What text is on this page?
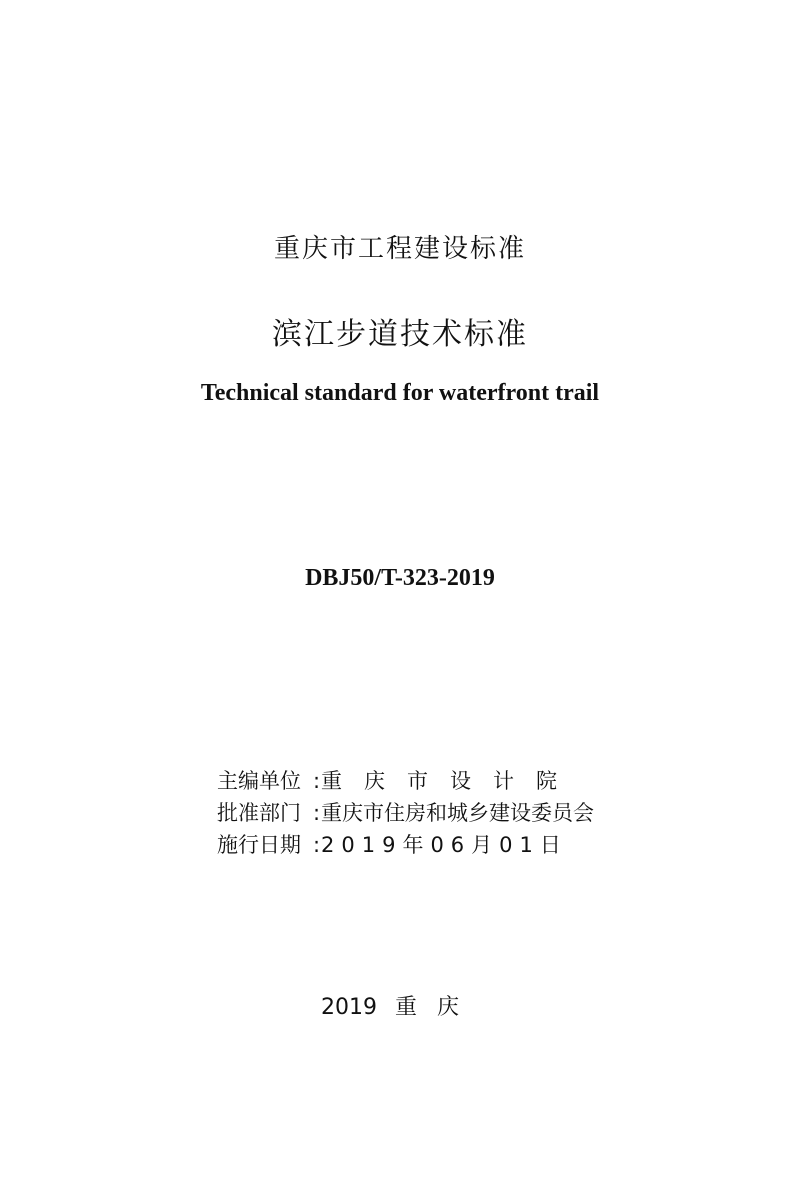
重庆市工程建设标准
滨江步道技术标准
Technical standard for waterfront trail
DBJ50/T-323-2019
主编单位 : 重庆市设计院
批准部门 : 重庆市住房和城乡建设委员会
施行日期 : 2019年06月01日
2019 重庆
